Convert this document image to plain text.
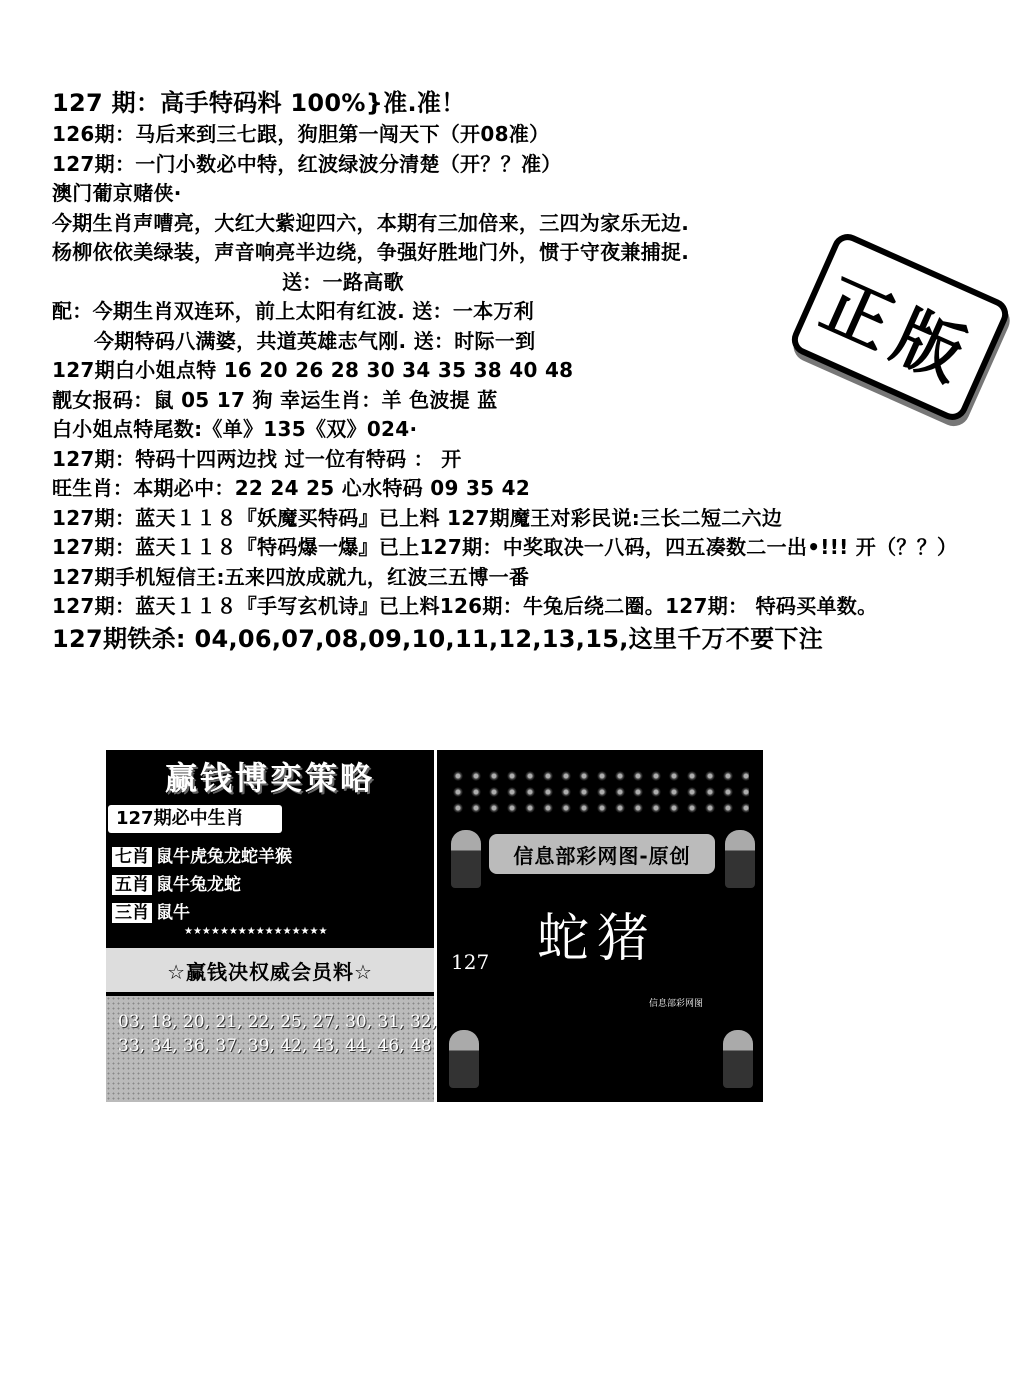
127 期：高手特码料 100%}准.准！
126期：马后来到三七跟，狗胆第一闯天下（开08准）
127期：一门小数必中特，红波绿波分清楚（开？？准）
澳门葡京赌侠·
今期生肖声嘈亮，大红大紫迎四六，本期有三加倍来，三四为家乐无边.
杨柳依依美绿装，声音响亮半边绕，争强好胜地门外，惯于守夜兼捕捉.
送：一路高歌
配：今期生肖双连环，前上太阳有红波. 送：一本万利
今期特码八满婆，共道英雄志气刚. 送：时际一到
127期白小姐点特 16 20 26 28 30 34 35 38 40 48
靓女报码：鼠 05 17 狗 幸运生肖：羊 色波提 蓝
白小姐点特尾数:《单》135《双》024·
127期：特码十四两边找 过一位有特码 ： 开
旺生肖：本期必中：22 24 25 心水特码 09 35 42
127期：蓝天１１８『妖魔买特码』已上料 127期魔王对彩民说:三长二短二六边
127期：蓝天１１８『特码爆一爆』已上127期：中奖取决一八码，四五凑数二一出•!!! 开（？？）
127期手机短信王:五来四放成就九，红波三五博一番
127期：蓝天１１８『手写玄机诗』已上料126期：牛兔后绕二圈。127期： 特码买单数。
127期铁杀: 04,06,07,08,09,10,11,12,13,15,这里千万不要下注
正版
赢钱博奕策略
127期必中生肖
七肖 鼠牛虎兔龙蛇羊猴
五肖 鼠牛兔龙蛇
三肖 鼠牛
★★★★★★★★★★★★★★★★
☆赢钱决权威会员料☆
03, 18, 20, 21, 22, 25, 27, 30, 31, 32,
33, 34, 36, 37, 39, 42, 43, 44, 46, 48
信息部彩网图-原创
蛇猪
127
信息部彩网图
